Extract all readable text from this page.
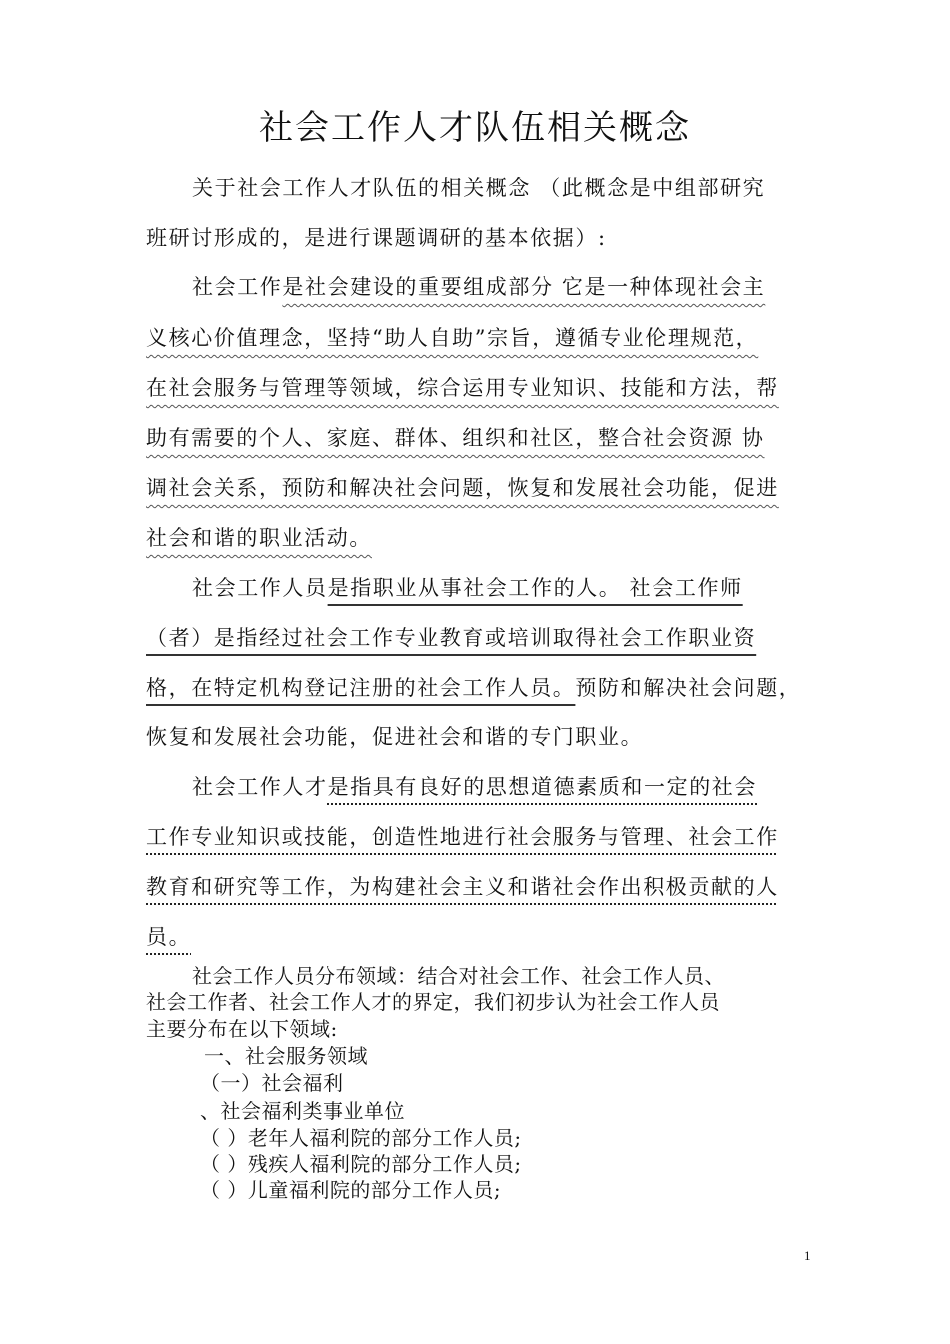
社会工作人才队伍相关概念
关于社会工作人才队伍的相关概念 （此概念是中组部研究
班研讨形成的，是进行课题调研的基本依据）:
社会工作是社会建设的重要组成部分 它是一种体现社会主
义核心价值理念，坚持“助人自助”宗旨，遵循专业伦理规范，
在社会服务与管理等领域，综合运用专业知识、技能和方法，帮
助有需要的个人、家庭、群体、组织和社区，整合社会资源 协
调社会关系，预防和解决社会问题，恢复和发展社会功能，促进
社会和谐的职业活动。
社会工作人员是指职业从事社会工作的人。 社会工作师
（者）是指经过社会工作专业教育或培训取得社会工作职业资
格，在特定机构登记注册的社会工作人员。预防和解决社会问题，
恢复和发展社会功能，促进社会和谐的专门职业。
社会工作人才是指具有良好的思想道德素质和一定的社会
工作专业知识或技能，创造性地进行社会服务与管理、社会工作
教育和研究等工作，为构建社会主义和谐社会作出积极贡献的人
员。
社会工作人员分布领域：结合对社会工作、社会工作人员、
社会工作者、社会工作人才的界定，我们初步认为社会工作人员
主要分布在以下领域:
一、社会服务领域
（一）社会福利
、社会福利类事业单位
（ ）老年人福利院的部分工作人员;
（ ）残疾人福利院的部分工作人员;
（ ）儿童福利院的部分工作人员;
1
